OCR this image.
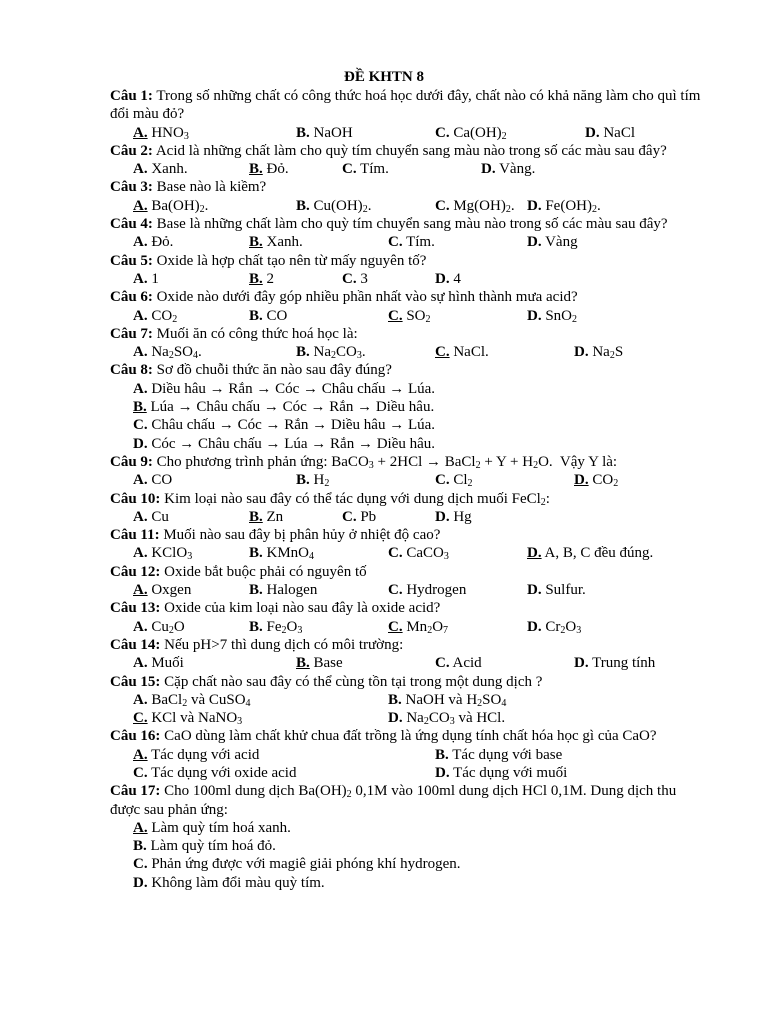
ĐỀ KHTN 8
Câu 1: Trong số những chất có công thức hoá học dưới đây, chất nào có khả năng làm cho quì tím đổi màu đỏ?
A. $HNO_3$	B. NaOH	C. $Ca(OH)_2$	D. NaCl
Câu 2: Acid là những chất làm cho quỳ tím chuyển sang màu nào trong số các màu sau đây?
A. Xanh.	B. Đỏ.	C. Tím.	D. Vàng.
Câu 3: Base nào là kiềm?
A. $Ba(OH)_2$.	B. $Cu(OH)_2$.	C. $Mg(OH)_2$. D. $Fe(OH)_2$.
Câu 4: Base là những chất làm cho quỳ tím chuyển sang màu nào trong số các màu sau đây?
A. Đỏ.	B. Xanh.	C. Tím.	D. Vàng
Câu 5: Oxide là hợp chất tạo nên từ mấy nguyên tố?
A. 1	B. 2	C. 3	D. 4
Câu 6: Oxide nào dưới đây góp nhiều phần nhất vào sự hình thành mưa acid?
A. $CO_2$	B. CO	C. $SO_2$	D. SnO$_2$
Câu 7: Muối ăn có công thức hoá học là:
A. $Na_2SO_4$.	B. $Na_2CO_3$.	C. NaCl.	D. $Na_2S$
Câu 8: Sơ đồ chuỗi thức ăn nào sau đây đúng?
A. Diều hâu → Rắn → Cóc → Châu chấu → Lúa.
B. Lúa → Châu chấu → Cóc → Rắn → Diều hâu.
C. Châu chấu → Cóc → Rắn → Diều hâu → Lúa.
D. Cóc → Châu chấu → Lúa → Rắn → Diều hâu.
Câu 9: Cho phương trình phản ứng: BaCO$_3$ + 2HCl → BaCl$_2$ + $Y + H_2O$.  Vậy Y là:
A. CO	B. $H_2$	C. $Cl_2$	D. $CO_2$
Câu 10: Kim loại nào sau đây có thể tác dụng với dung dịch muối FeCl$_2$:
A. Cu	B. Zn	C. Pb	D. Hg
Câu 11: Muối nào sau đây bị phân hủy ở nhiệt độ cao?
A. KClO$_3$	B. KMnO$_4$	C. CaCO$_3$	D. A, B, C đều đúng.
Câu 12: Oxide bắt buộc phải có nguyên tố
A. Oxgen	B. Halogen	C. Hydrogen	D. Sulfur.
Câu 13: Oxide của kim loại nào sau đây là oxide acid?
A. $Cu_2O$	B. $Fe_2O_3$	C. $Mn_2O_7$	D. $Cr_2O_3$
Câu 14: Nếu pH>7 thì dung dịch có môi trường:
A. Muối	B. Base	C. Acid	D. Trung tính
Câu 15: Cặp chất nào sau đây có thể cùng tồn tại trong một dung dịch ?
A. BaCl$_2$ và CuSO$_4$	B. NaOH và $H_2SO_4$
C. KCl và NaNO$_3$	D. $Na_2CO_3$ và HCl.
Câu 16: CaO dùng làm chất khử chua đất trồng là ứng dụng tính chất hóa học gì của CaO?
A. Tác dụng với acid	B. Tác dụng với base
C. Tác dụng với oxide acid	D. Tác dụng với muối
Câu 17: Cho 100ml dung dịch $Ba(OH)_2$ 0,1M vào 100ml dung dịch HCl 0,1M. Dung dịch thu được sau phản ứng:
A. Làm quỳ tím hoá xanh.
B. Làm quỳ tím hoá đỏ.
C. Phản ứng được với magiê giải phóng khí hydrogen.
D. Không làm đổi màu quỳ tím.
